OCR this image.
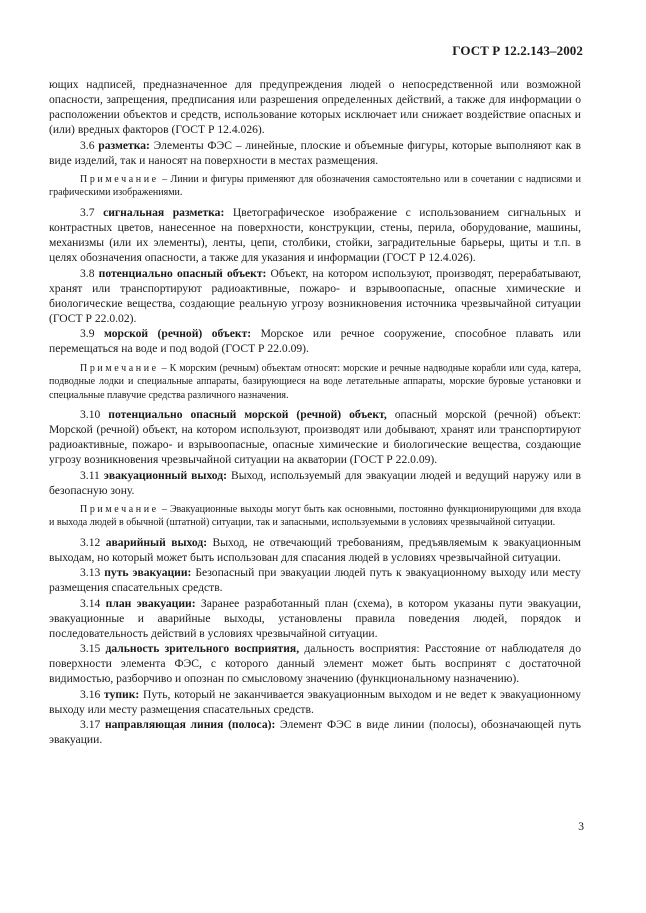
ГОСТ Р 12.2.143–2002

ющих надписей, предназначенное для предупреждения людей о непосредственной или возможной опасности, запрещения, предписания или разрешения определенных действий, а также для информации о расположении объектов и средств, использование которых исключает или снижает воздействие опасных и (или) вредных факторов (ГОСТ Р 12.4.026).

3.6 разметка: Элементы ФЭС – линейные, плоские и объемные фигуры, которые выполняют как в виде изделий, так и наносят на поверхности в местах размещения.

Примечание – Линии и фигуры применяют для обозначения самостоятельно или в сочетании с надписями и графическими изображениями.

3.7 сигнальная разметка: Цветографическое изображение с использованием сигнальных и контрастных цветов, нанесенное на поверхности, конструкции, стены, перила, оборудование, машины, механизмы (или их элементы), ленты, цепи, столбики, стойки, заградительные барьеры, щиты и т.п. в целях обозначения опасности, а также для указания и информации (ГОСТ Р 12.4.026).

3.8 потенциально опасный объект: Объект, на котором используют, производят, перерабатывают, хранят или транспортируют радиоактивные, пожаро- и взрывоопасные, опасные химические и биологические вещества, создающие реальную угрозу возникновения источника чрезвычайной ситуации (ГОСТ Р 22.0.02).

3.9 морской (речной) объект: Морское или речное сооружение, способное плавать или перемещаться на воде и под водой (ГОСТ Р 22.0.09).

Примечание – К морским (речным) объектам относят: морские и речные надводные корабли или суда, катера, подводные лодки и специальные аппараты, базирующиеся на воде летательные аппараты, морские буровые установки и специальные плавучие средства различного назначения.

3.10 потенциально опасный морской (речной) объект, опасный морской (речной) объект: Морской (речной) объект, на котором используют, производят или добывают, хранят или транспортируют радиоактивные, пожаро- и взрывоопасные, опасные химические и биологические вещества, создающие угрозу возникновения чрезвычайной ситуации на акватории (ГОСТ Р 22.0.09).

3.11 эвакуационный выход: Выход, используемый для эвакуации людей и ведущий наружу или в безопасную зону.

Примечание – Эвакуационные выходы могут быть как основными, постоянно функционирующими для входа и выхода людей в обычной (штатной) ситуации, так и запасными, используемыми в условиях чрезвычайной ситуации.

3.12 аварийный выход: Выход, не отвечающий требованиям, предъявляемым к эвакуационным выходам, но который может быть использован для спасания людей в условиях чрезвычайной ситуации.

3.13 путь эвакуации: Безопасный при эвакуации людей путь к эвакуационному выходу или месту размещения спасательных средств.

3.14 план эвакуации: Заранее разработанный план (схема), в котором указаны пути эвакуации, эвакуационные и аварийные выходы, установлены правила поведения людей, порядок и последовательность действий в условиях чрезвычайной ситуации.

3.15 дальность зрительного восприятия, дальность восприятия: Расстояние от наблюдателя до поверхности элемента ФЭС, с которого данный элемент может быть воспринят с достаточной видимостью, разборчиво и опознан по смысловому значению (функциональному назначению).

3.16 тупик: Путь, который не заканчивается эвакуационным выходом и не ведет к эвакуационному выходу или месту размещения спасательных средств.

3.17 направляющая линия (полоса): Элемент ФЭС в виде линии (полосы), обозначающей путь эвакуации.

3
